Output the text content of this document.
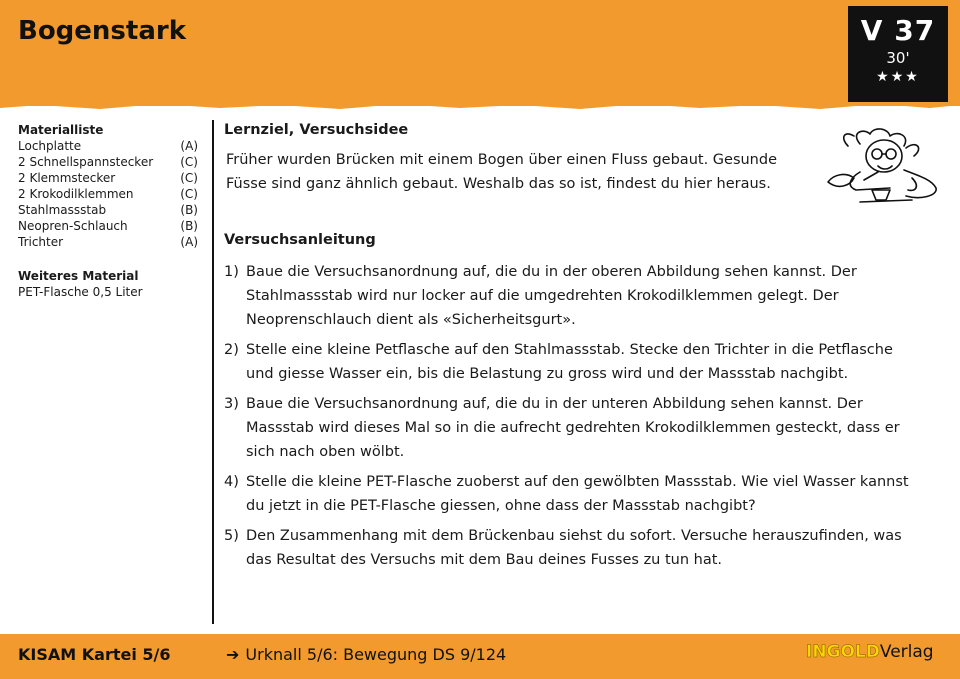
Bogenstark	V 37
30'
★★★
Materialliste
Lochplatte	(A)
2 Schnellspannstecker (C)
2 Klemmstecker	(C)
2 Krokodilklemmen	(C)
Stahlmassstab	(B)
Neopren-Schlauch	(B)
Trichter	(A)
Weiteres Material
PET-Flasche 0,5 Liter
Lernziel, Versuchsidee

Früher wurden Brücken mit einem Bogen über einen Fluss gebaut. Gesunde Füsse sind ganz ähnlich gebaut. Weshalb das so ist, findest du hier heraus.

Versuchsanleitung
1) Baue die Versuchsanordnung auf, die du in der oberen Abbildung sehen kannst. Der Stahlmassstab wird nur locker auf die umgedrehten Krokodilklemmen gelegt. Der Neoprenschlauch dient als «Sicherheitsgurt».
2) Stelle eine kleine Petflasche auf den Stahlmassstab. Stecke den Trichter in die Petflasche und giesse Wasser ein, bis die Belastung zu gross wird und der Massstab nachgibt.
3) Baue die Versuchsanordnung auf, die du in der unteren Abbildung sehen kannst. Der Massstab wird dieses Mal so in die aufrecht gedrehten Krokodilklemmen gesteckt, dass er sich nach oben wölbt.
4) Stelle die kleine PET-Flasche zuoberst auf den gewölbten Massstab. Wie viel Wasser kannst du jetzt in die PET-Flasche giessen, ohne dass der Massstab nachgibt?
5) Den Zusammenhang mit dem Brückenbau siehst du sofort. Versuche herauszufinden, was das Resultat des Versuchs mit dem Bau deines Fusses zu tun hat.
KISAM Kartei 5/6	➔ Urknall 5/6: Bewegung DS 9/124	INGOLDVerlag
